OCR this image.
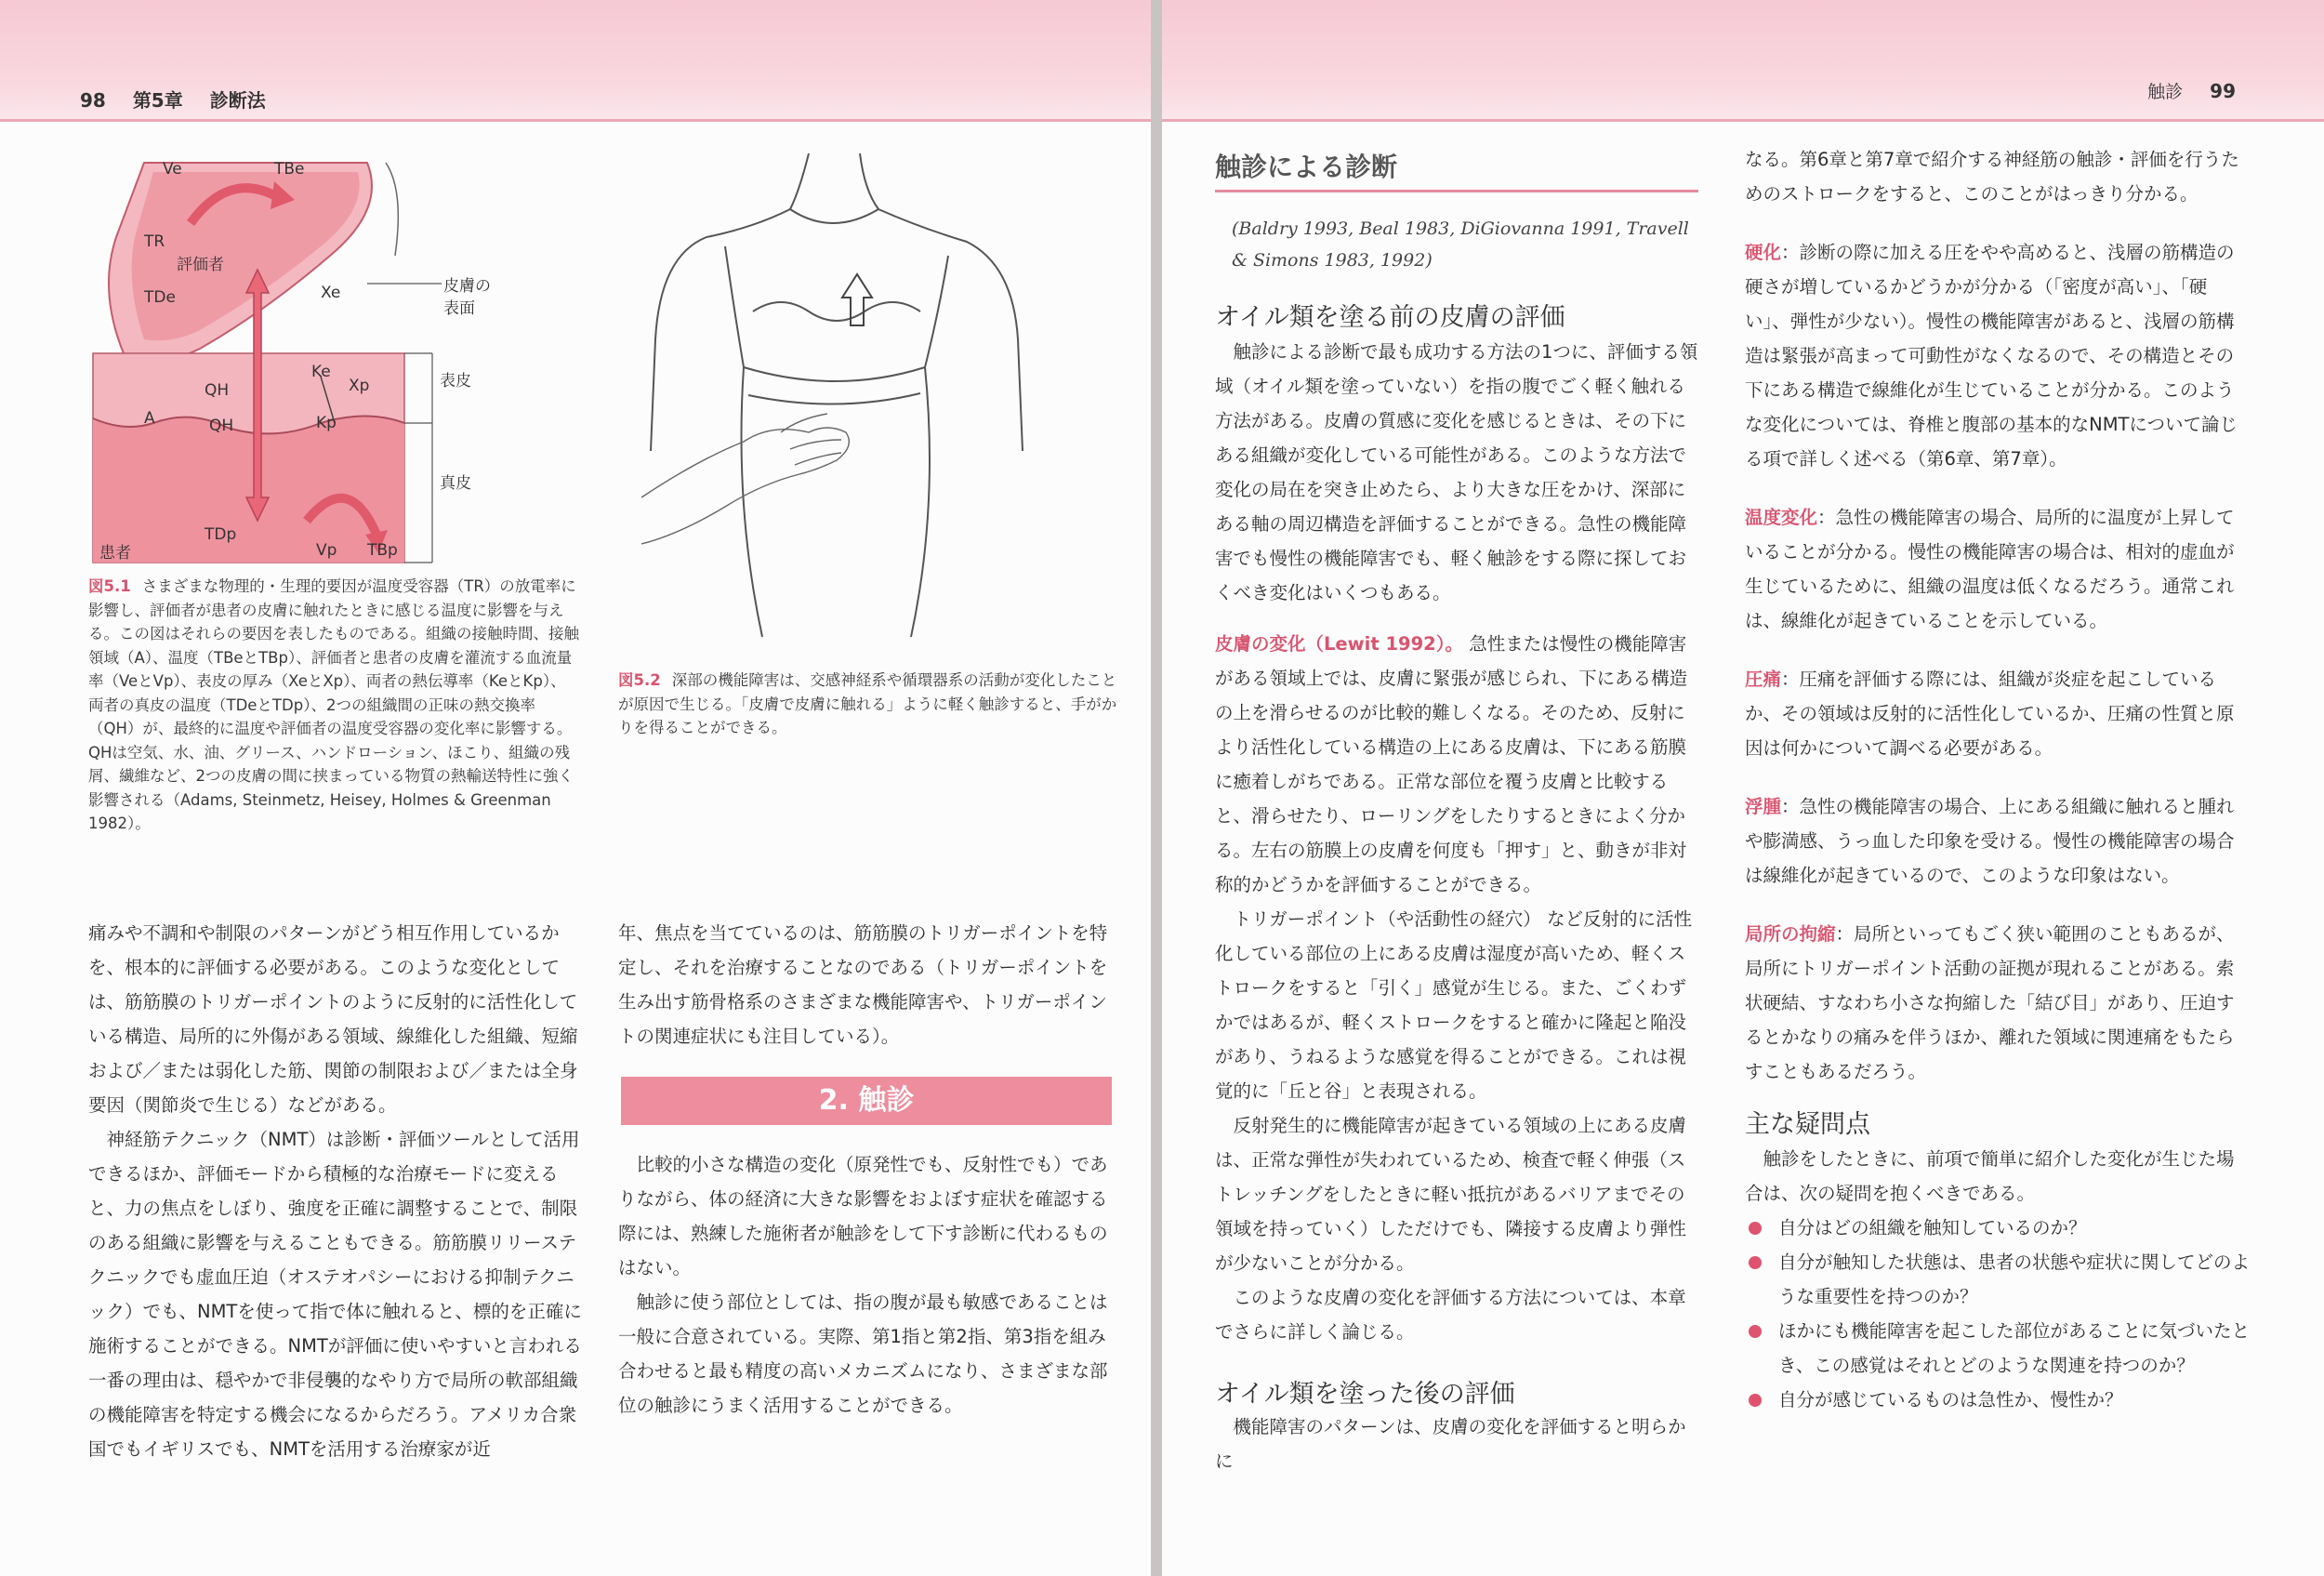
98 第5章 診断法
Ve	TBe
TR
評価者
TDe	Xe	皮膚の
表面
Ke
QH	Xp	表皮
A	QH	Kp
真皮
TDp
Vp TBp
患者
図5.1 さまざまな物理的・生理的要因が温度受容器（TR）の放電率に影響し、評価者が患者の皮膚に触れたときに感じる温度に影響を与える。この図はそれらの要因を表したものである。組織の接触時間、接触領域（A）、温度（TBeとTBp）、評価者と患者の皮膚を灌流する血流量率（VeとVp）、表皮の厚み（XeとXp）、両者の熱伝導率（KeとKp）、両者の真皮の温度（TDeとTDp）、2つの組織間の正味の熱交換率（QH）が、最終的に温度や評価者の温度受容器の変化率に影響する。QHは空気、水、油、グリース、ハンドローション、ほこり、組織の残屑、繊維など、2つの皮膚の間に挟まっている物質の熱輸送特性に強く影響される（Adams, Steinmetz, Heisey, Holmes & Greenman 1982）。
図5.2 深部の機能障害は、交感神経系や循環器系の活動が変化したことが原因で生じる。「皮膚で皮膚に触れる」ように軽く触診すると、手がかりを得ることができる。

痛みや不調和や制限のパターンがどう相互作用しているかを、根本的に評価する必要がある。このような変化としては、筋筋膜のトリガーポイントのように反射的に活性化している構造、局所的に外傷がある領域、線維化した組織、短縮および／または弱化した筋、関節の制限および／または全身要因（関節炎で生じる）などがある。

神経筋テクニック（NMT）は診断・評価ツールとして活用できるほか、評価モードから積極的な治療モードに変えると、力の焦点をしぼり、強度を正確に調整することで、制限のある組織に影響を与えることもできる。筋筋膜リリーステクニックでも虚血圧迫（オステオパシーにおける抑制テクニック）でも、NMTを使って指で体に触れると、標的を正確に施術することができる。NMTが評価に使いやすいと言われる一番の理由は、穏やかで非侵襲的なやり方で局所の軟部組織の機能障害を特定する機会になるからだろう。アメリカ合衆国でもイギリスでも、NMTを活用する治療家が近

年、焦点を当てているのは、筋筋膜のトリガーポイントを特定し、それを治療することなのである（トリガーポイントを生み出す筋骨格系のさまざまな機能障害や、トリガーポイントの関連症状にも注目している）。

2. 触診

比較的小さな構造の変化（原発性でも、反射性でも）でありながら、体の経済に大きな影響をおよぼす症状を確認する際には、熟練した施術者が触診をして下す診断に代わるものはない。

触診に使う部位としては、指の腹が最も敏感であることは一般に合意されている。実際、第1指と第2指、第3指を組み合わせると最も精度の高いメカニズムになり、さまざまな部位の触診にうまく活用することができる。

触診 99
触診による診断

(Baldry 1993, Beal 1983, DiGiovanna 1991, Travell & Simons 1983, 1992)

オイル類を塗る前の皮膚の評価

触診による診断で最も成功する方法の1つに、評価する領域（オイル類を塗っていない）を指の腹でごく軽く触れる方法がある。皮膚の質感に変化を感じるときは、その下にある組織が変化している可能性がある。このような方法で変化の局在を突き止めたら、より大きな圧をかけ、深部にある軸の周辺構造を評価することができる。急性の機能障害でも慢性の機能障害でも、軽く触診をする際に探しておくべき変化はいくつもある。

皮膚の変化（Lewit 1992）。 急性または慢性の機能障害がある領域上では、皮膚に緊張が感じられ、下にある構造の上を滑らせるのが比較的難しくなる。そのため、反射により活性化している構造の上にある皮膚は、下にある筋膜に癒着しがちである。正常な部位を覆う皮膚と比較すると、滑らせたり、ローリングをしたりするときによく分かる。左右の筋膜上の皮膚を何度も「押す」と、動きが非対称的かどうかを評価することができる。

トリガーポイント（や活動性の経穴） など反射的に活性化している部位の上にある皮膚は湿度が高いため、軽くストロークをすると「引く」感覚が生じる。また、ごくわずかではあるが、軽くストロークをすると確かに隆起と陥没があり、うねるような感覚を得ることができる。これは視覚的に「丘と谷」と表現される。

反射発生的に機能障害が起きている領域の上にある皮膚は、正常な弾性が失われているため、検査で軽く伸張（ストレッチングをしたときに軽い抵抗があるバリアまでその領域を持っていく）しただけでも、隣接する皮膚より弾性が少ないことが分かる。

このような皮膚の変化を評価する方法については、本章でさらに詳しく論じる。

オイル類を塗った後の評価

機能障害のパターンは、皮膚の変化を評価すると明らかに

なる。第6章と第7章で紹介する神経筋の触診・評価を行うためのストロークをすると、このことがはっきり分かる。

硬化：診断の際に加える圧をやや高めると、浅層の筋構造の硬さが増しているかどうかが分かる（「密度が高い」、「硬い」、弾性が少ない）。慢性の機能障害があると、浅層の筋構造は緊張が高まって可動性がなくなるので、その構造とその下にある構造で線維化が生じていることが分かる。このような変化については、脊椎と腹部の基本的なNMTについて論じる項で詳しく述べる（第6章、第7章）。

温度変化：急性の機能障害の場合、局所的に温度が上昇していることが分かる。慢性の機能障害の場合は、相対的虚血が生じているために、組織の温度は低くなるだろう。通常これは、線維化が起きていることを示している。

圧痛：圧痛を評価する際には、組織が炎症を起こしているか、その領域は反射的に活性化しているか、圧痛の性質と原因は何かについて調べる必要がある。

浮腫：急性の機能障害の場合、上にある組織に触れると腫れや膨満感、うっ血した印象を受ける。慢性の機能障害の場合は線維化が起きているので、このような印象はない。

局所の拘縮：局所といってもごく狭い範囲のこともあるが、局所にトリガーポイント活動の証拠が現れることがある。索状硬結、すなわち小さな拘縮した「結び目」があり、圧迫するとかなりの痛みを伴うほか、離れた領域に関連痛をもたらすこともあるだろう。

主な疑問点

触診をしたときに、前項で簡単に紹介した変化が生じた場合は、次の疑問を抱くべきである。

自分はどの組織を触知しているのか？
自分が触知した状態は、患者の状態や症状に関してどのような重要性を持つのか？
ほかにも機能障害を起こした部位があることに気づいたとき、この感覚はそれとどのような関連を持つのか？
自分が感じているものは急性か、慢性か？
